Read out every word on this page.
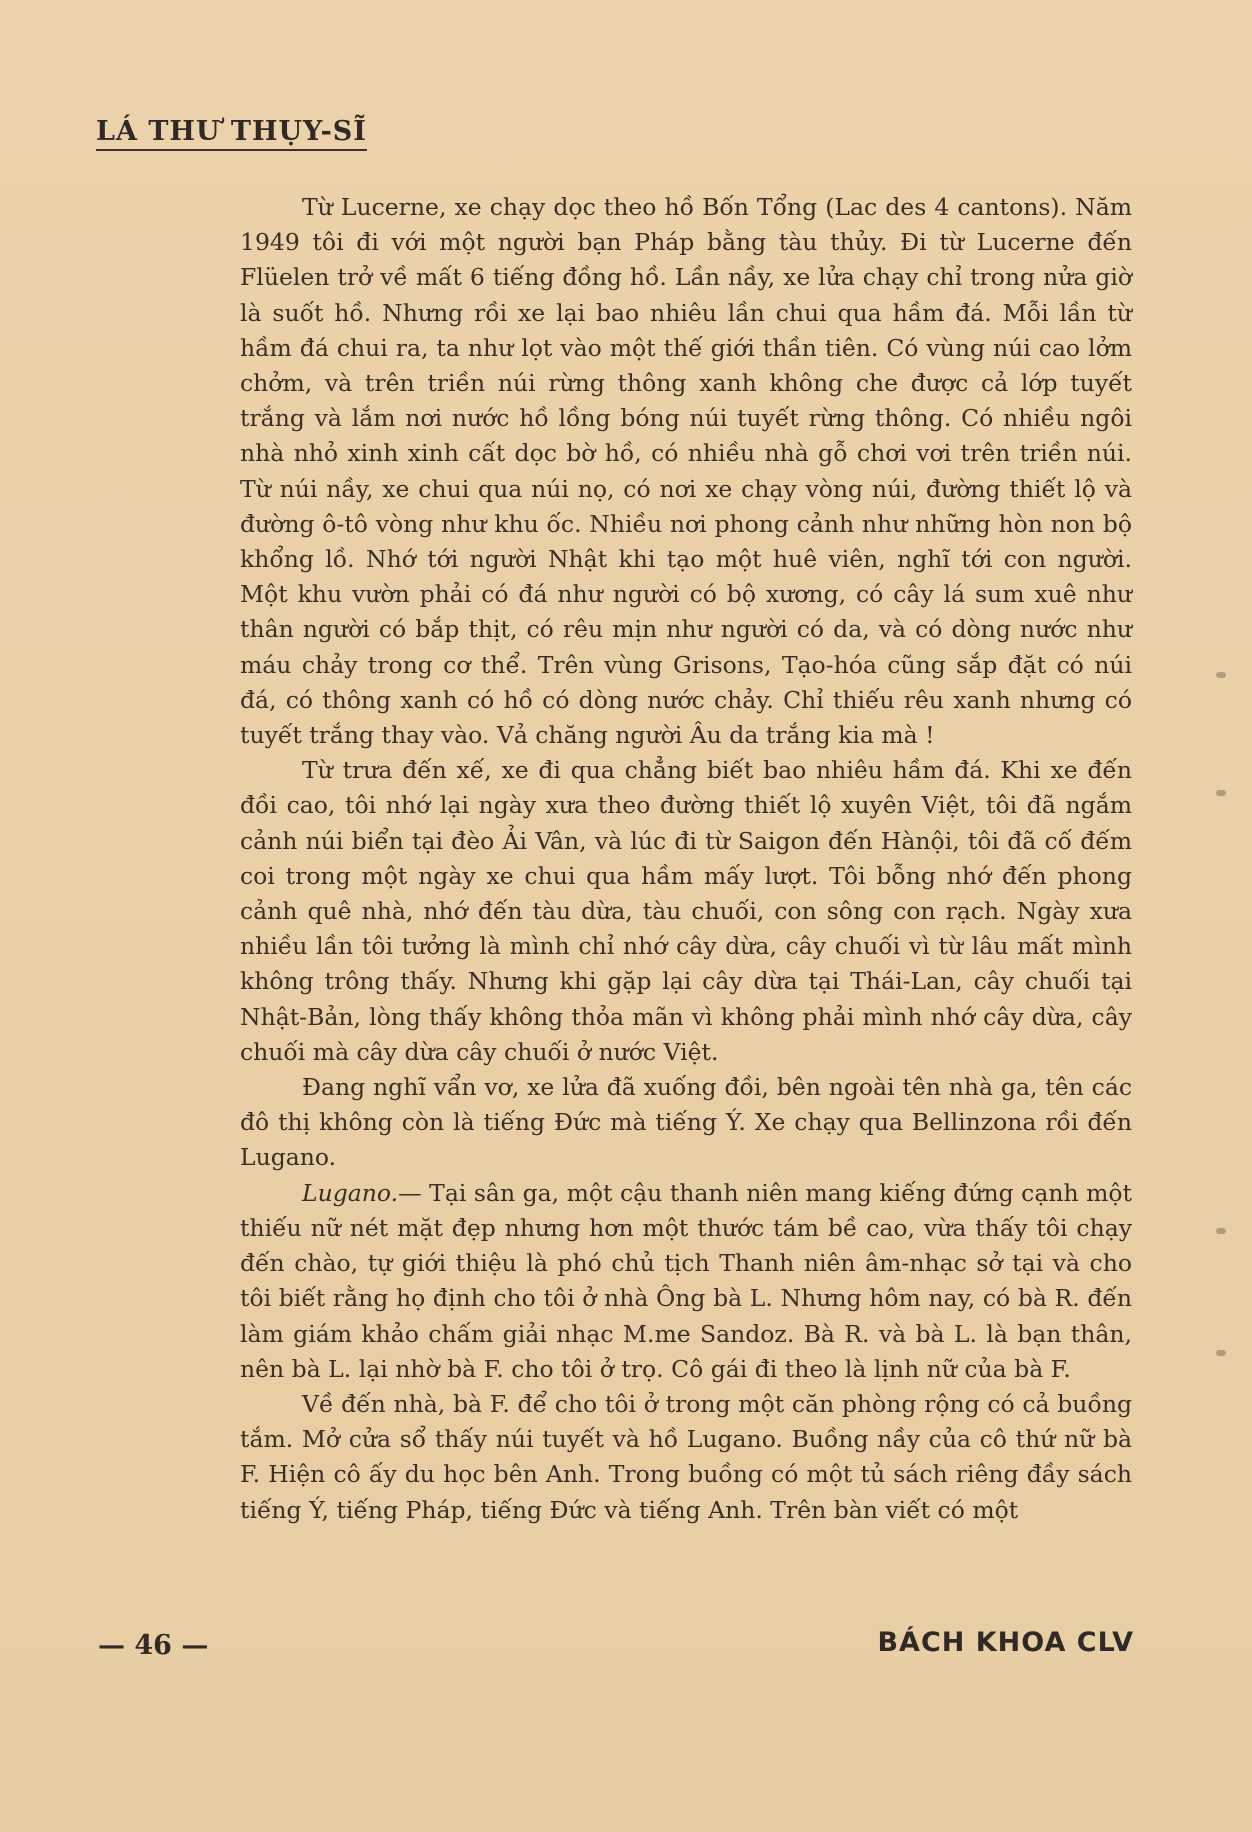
LÁ THƯ THỤY-SĨ

Từ Lucerne, xe chạy dọc theo hồ Bốn Tổng (Lac des 4 cantons). Năm 1949 tôi đi với một người bạn Pháp bằng tàu thủy. Đi từ Lucerne đến Flüelen trở về mất 6 tiếng đồng hồ. Lần nầy, xe lửa chạy chỉ trong nửa giờ là suốt hồ. Nhưng rồi xe lại bao nhiêu lần chui qua hầm đá. Mỗi lần từ hầm đá chui ra, ta như lọt vào một thế giới thần tiên. Có vùng núi cao lởm chởm, và trên triền núi rừng thông xanh không che được cả lớp tuyết trắng và lắm nơi nước hồ lồng bóng núi tuyết rừng thông. Có nhiều ngôi nhà nhỏ xinh xinh cất dọc bờ hồ, có nhiều nhà gỗ chơi vơi trên triền núi. Từ núi nầy, xe chui qua núi nọ, có nơi xe chạy vòng núi, đường thiết lộ và đường ô-tô vòng như khu ốc. Nhiều nơi phong cảnh như những hòn non bộ khổng lồ. Nhớ tới người Nhật khi tạo một huê viên, nghĩ tới con người. Một khu vườn phải có đá như người có bộ xương, có cây lá sum xuê như thân người có bắp thịt, có rêu mịn như người có da, và có dòng nước như máu chảy trong cơ thể. Trên vùng Grisons, Tạo-hóa cũng sắp đặt có núi đá, có thông xanh có hồ có dòng nước chảy. Chỉ thiếu rêu xanh nhưng có tuyết trắng thay vào. Vả chăng người Âu da trắng kia mà !

Từ trưa đến xế, xe đi qua chẳng biết bao nhiêu hầm đá. Khi xe đến đồi cao, tôi nhớ lại ngày xưa theo đường thiết lộ xuyên Việt, tôi đã ngắm cảnh núi biển tại đèo Ải Vân, và lúc đi từ Saigon đến Hànội, tôi đã cố đếm coi trong một ngày xe chui qua hầm mấy lượt. Tôi bỗng nhớ đến phong cảnh quê nhà, nhớ đến tàu dừa, tàu chuối, con sông con rạch. Ngày xưa nhiều lần tôi tưởng là mình chỉ nhớ cây dừa, cây chuối vì từ lâu mất mình không trông thấy. Nhưng khi gặp lại cây dừa tại Thái-Lan, cây chuối tại Nhật-Bản, lòng thấy không thỏa mãn vì không phải mình nhớ cây dừa, cây chuối mà cây dừa cây chuối ở nước Việt.

Đang nghĩ vẩn vơ, xe lửa đã xuống đồi, bên ngoài tên nhà ga, tên các đô thị không còn là tiếng Đức mà tiếng Ý. Xe chạy qua Bellinzona rồi đến Lugano.

Lugano.— Tại sân ga, một cậu thanh niên mang kiếng đứng cạnh một thiếu nữ nét mặt đẹp nhưng hơn một thước tám bề cao, vừa thấy tôi chạy đến chào, tự giới thiệu là phó chủ tịch Thanh niên âm-nhạc sở tại và cho tôi biết rằng họ định cho tôi ở nhà Ông bà L. Nhưng hôm nay, có bà R. đến làm giám khảo chấm giải nhạc M.me Sandoz. Bà R. và bà L. là bạn thân, nên bà L. lại nhờ bà F. cho tôi ở trọ. Cô gái đi theo là lịnh nữ của bà F.

Về đến nhà, bà F. để cho tôi ở trong một căn phòng rộng có cả buồng tắm. Mở cửa sổ thấy núi tuyết và hồ Lugano. Buồng nầy của cô thứ nữ bà F. Hiện cô ấy du học bên Anh. Trong buồng có một tủ sách riêng đầy sách tiếng Ý, tiếng Pháp, tiếng Đức và tiếng Anh. Trên bàn viết có một

— 46 —	BÁCH KHOA CLV
